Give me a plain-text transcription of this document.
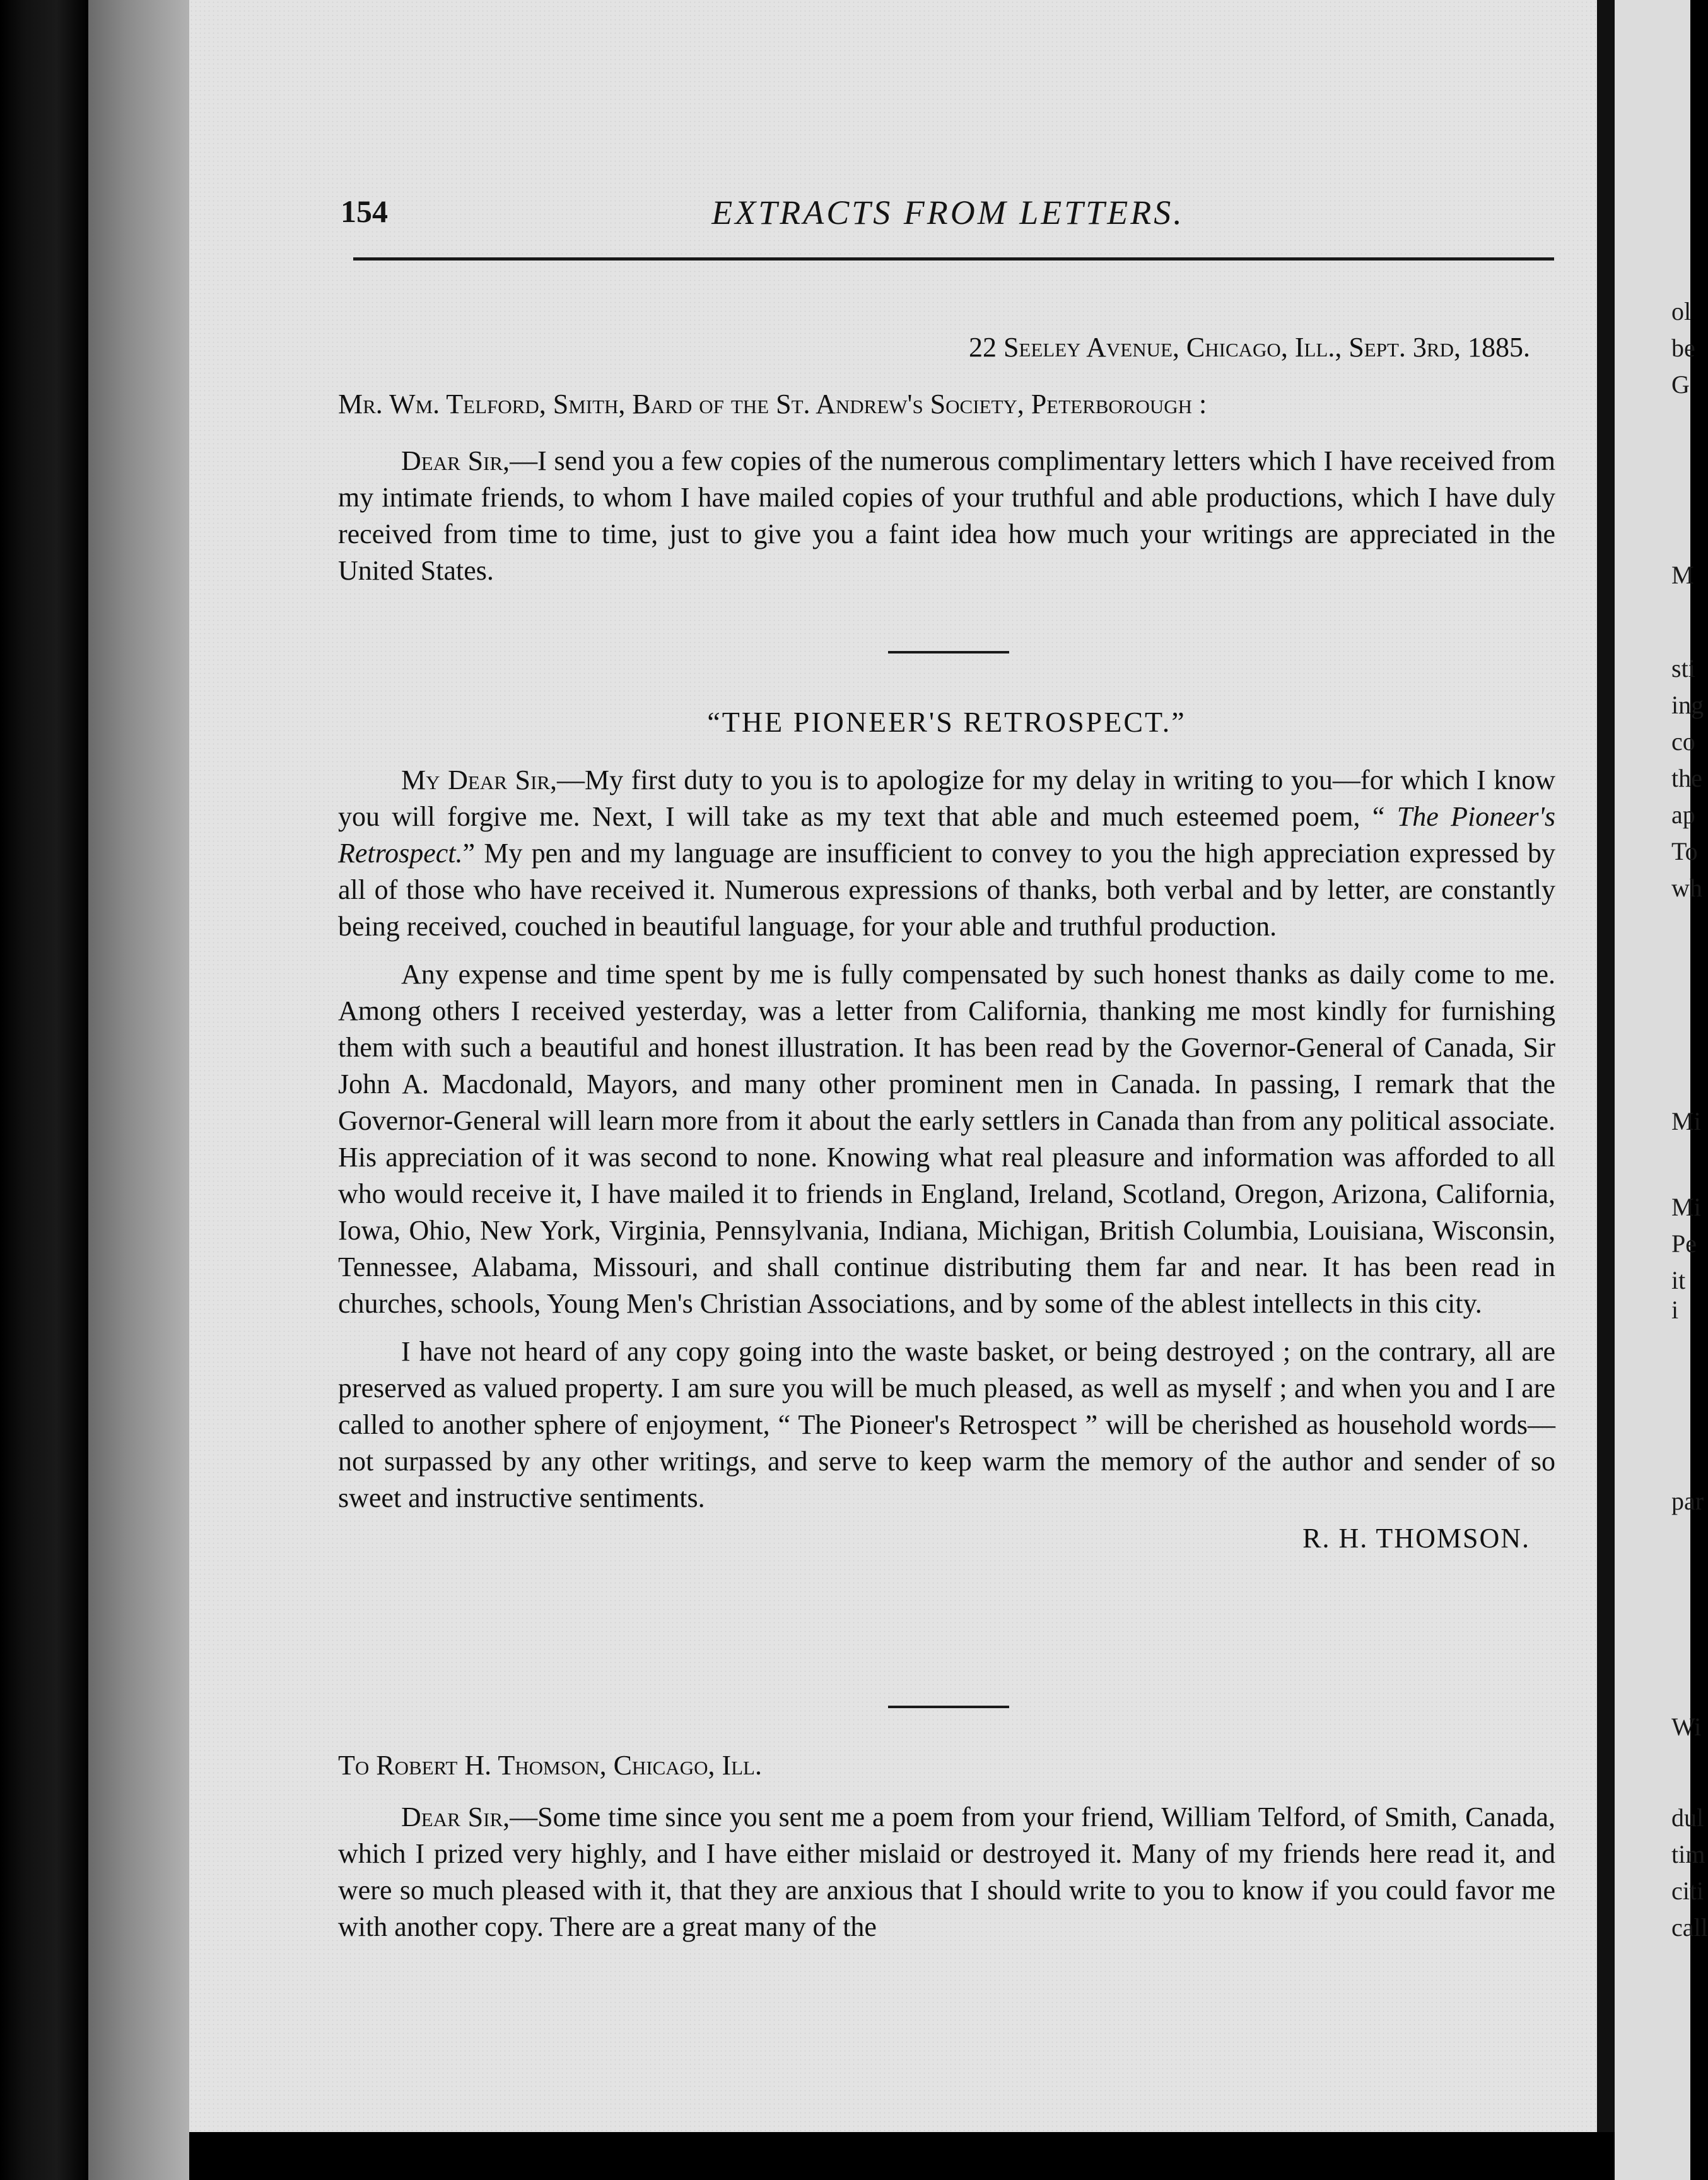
ol
be
G
M
sti
ing
co
the
ap
To
wh
Mi
Mi
Pe
it i
par
Wi
dul
tim
citi
call
154	EXTRACTS FROM LETTERS.
22 Seeley Avenue, Chicago, Ill., Sept. 3rd, 1885.
Mr. Wm. Telford, Smith, Bard of the St. Andrew's Society, Peterborough :
Dear Sir,—I send you a few copies of the numerous complimentary letters which I have received from my intimate friends, to whom I have mailed copies of your truthful and able productions, which I have duly received from time to time, just to give you a faint idea how much your writings are appreciated in the United States.
“THE PIONEER'S RETROSPECT.”
My Dear Sir,—My first duty to you is to apologize for my delay in writing to you—for which I know you will forgive me. Next, I will take as my text that able and much esteemed poem, “ The Pioneer's Retrospect.” My pen and my language are insufficient to convey to you the high appreciation expressed by all of those who have received it. Numerous expressions of thanks, both verbal and by letter, are constantly being received, couched in beautiful language, for your able and truthful production.
Any expense and time spent by me is fully compensated by such honest thanks as daily come to me. Among others I received yesterday, was a letter from California, thanking me most kindly for furnishing them with such a beautiful and honest illustration. It has been read by the Governor-General of Canada, Sir John A. Macdonald, Mayors, and many other prominent men in Canada. In passing, I remark that the Governor-General will learn more from it about the early settlers in Canada than from any political associate. His appreciation of it was second to none. Knowing what real pleasure and information was afforded to all who would receive it, I have mailed it to friends in England, Ireland, Scotland, Oregon, Arizona, California, Iowa, Ohio, New York, Virginia, Pennsylvania, Indiana, Michigan, British Columbia, Louisiana, Wisconsin, Tennessee, Alabama, Missouri, and shall continue distributing them far and near. It has been read in churches, schools, Young Men's Christian Associations, and by some of the ablest intellects in this city.
I have not heard of any copy going into the waste basket, or being destroyed ; on the contrary, all are preserved as valued property. I am sure you will be much pleased, as well as myself ; and when you and I are called to another sphere of enjoyment, “ The Pioneer's Retrospect ” will be cherished as household words—not surpassed by any other writings, and serve to keep warm the memory of the author and sender of so sweet and instructive sentiments.
R. H. THOMSON.
To Robert H. Thomson, Chicago, Ill.
Dear Sir,—Some time since you sent me a poem from your friend, William Telford, of Smith, Canada, which I prized very highly, and I have either mislaid or destroyed it. Many of my friends here read it, and were so much pleased with it, that they are anxious that I should write to you to know if you could favor me with another copy. There are a great many of the
